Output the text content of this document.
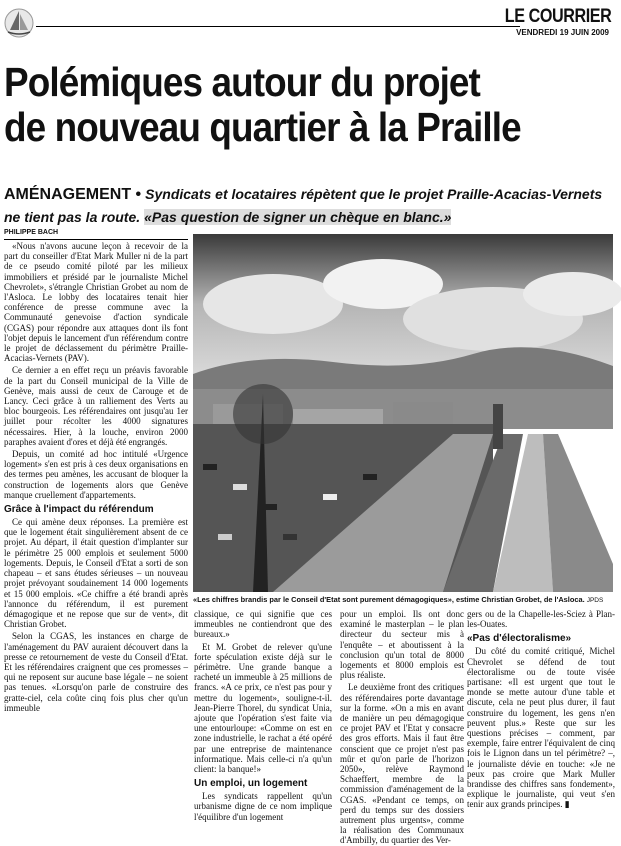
LE COURRIER
VENDREDI 19 JUIN 2009
Polémiques autour du projet
de nouveau quartier à la Praille
AMÉNAGEMENT • Syndicats et locataires répètent que le projet Praille-Acacias-Vernets ne tient pas la route. «Pas question de signer un chèque en blanc.»
PHILIPPE BACH

«Nous n'avons aucune leçon à recevoir de la part du conseiller d'Etat Mark Muller ni de la part de ce pseudo comité piloté par les milieux immobiliers et présidé par le journaliste Michel Chevrolet», s'étrangle Christian Grobet au nom de l'Asloca. Le lobby des locataires tenait hier conférence de presse commune avec la Communauté genevoise d'action syndicale (CGAS) pour répondre aux attaques dont ils font l'objet depuis le lancement d'un référendum contre le projet de déclassement du périmètre Praille-Acacias-Vernets (PAV).

Ce dernier a en effet reçu un préavis favorable de la part du Conseil municipal de la Ville de Genève, mais aussi de ceux de Carouge et de Lancy. Ceci grâce à un ralliement des Verts au bloc bourgeois. Les référendaires ont jusqu'au 1er juillet pour récolter les 4000 signatures nécessaires. Hier, à la louche, environ 2000 paraphes avaient d'ores et déjà été engrangés.

Depuis, un comité ad hoc intitulé «Urgence logement» s'en est pris à ces deux organisations en des termes peu amènes, les accusant de bloquer la construction de logements alors que Genève manque cruellement d'appartements.

Grâce à l'impact du référendum

Ce qui amène deux réponses. La première est que le logement était singulièrement absent de ce projet. Au départ, il était question d'implanter sur le périmètre 25 000 emplois et seulement 5000 logements. Depuis, le Conseil d'Etat a sorti de son chapeau – et sans études sérieuses – un nouveau projet prévoyant soudainement 14 000 logements et 15 000 emplois. «Ce chiffre a été brandi après l'annonce du référendum, il est purement démagogique et ne repose que sur de vent», dit Christian Grobet.

Selon la CGAS, les instances en charge de l'aménagement du PAV auraient découvert dans la presse ce retournement de veste du Conseil d'Etat. Et les référendaires craignent que ces promesses – qui ne reposent sur aucune base légale – ne soient pas tenues. «Lorsqu'on parle de construire des gratte-ciel, cela coûte cinq fois plus cher qu'un immeuble

«Les chiffres brandis par le Conseil d'Etat sont purement démagogiques», estime Christian Grobet, de l'Asloca. JPDS

classique, ce qui signifie que ces immeubles ne contiendront que des bureaux.»

Et M. Grobet de relever qu'une forte spéculation existe déjà sur le périmètre. Une grande banque a racheté un immeuble à 25 millions de francs. «A ce prix, ce n'est pas pour y mettre du logement», souligne-t-il. Jean-Pierre Thorel, du syndicat Unia, ajoute que l'opération s'est faite via une entourloupe: «Comme on est en zone industrielle, le rachat a été opéré par une entreprise de maintenance informatique. Mais celle-ci n'a qu'un client: la banque!»

Un emploi, un logement

Les syndicats rappellent qu'un urbanisme digne de ce nom implique l'équilibre d'un logement

pour un emploi. Ils ont donc examiné le masterplan – le plan directeur du secteur mis à l'enquête – et aboutissent à la conclusion qu'un total de 8000 logements et 8000 emplois est plus réaliste.

Le deuxième front des critiques des référendaires porte davantage sur la forme. «On a mis en avant de manière un peu démagogique ce projet PAV et l'Etat y consacre des gros efforts. Mais il faut être conscient que ce projet n'est pas mûr et qu'on parle de l'horizon 2050», relève Raymond Schaeffert, membre de la commission d'aménagement de la CGAS. «Pendant ce temps, on perd du temps sur des dossiers autrement plus urgents», comme la réalisation des Communaux d'Ambilly, du quartier des Ver-

gers ou de la Chapelle-les-Sciez à Plan-les-Ouates.

«Pas d'électoralisme»

Du côté du comité critiqué, Michel Chevrolet se défend de tout électoralisme ou de toute visée partisane: «Il est urgent que tout le monde se mette autour d'une table et discute, cela ne peut plus durer, il faut construire du logement, les gens n'en peuvent plus.» Reste que sur les questions précises – comment, par exemple, faire entrer l'équivalent de cinq fois le Lignon dans un tel périmètre? –, le journaliste dévie en touche: «Je ne peux pas croire que Mark Muller brandisse des chiffres sans fondement», explique le journaliste, qui veut s'en tenir aux grands principes. ▮
